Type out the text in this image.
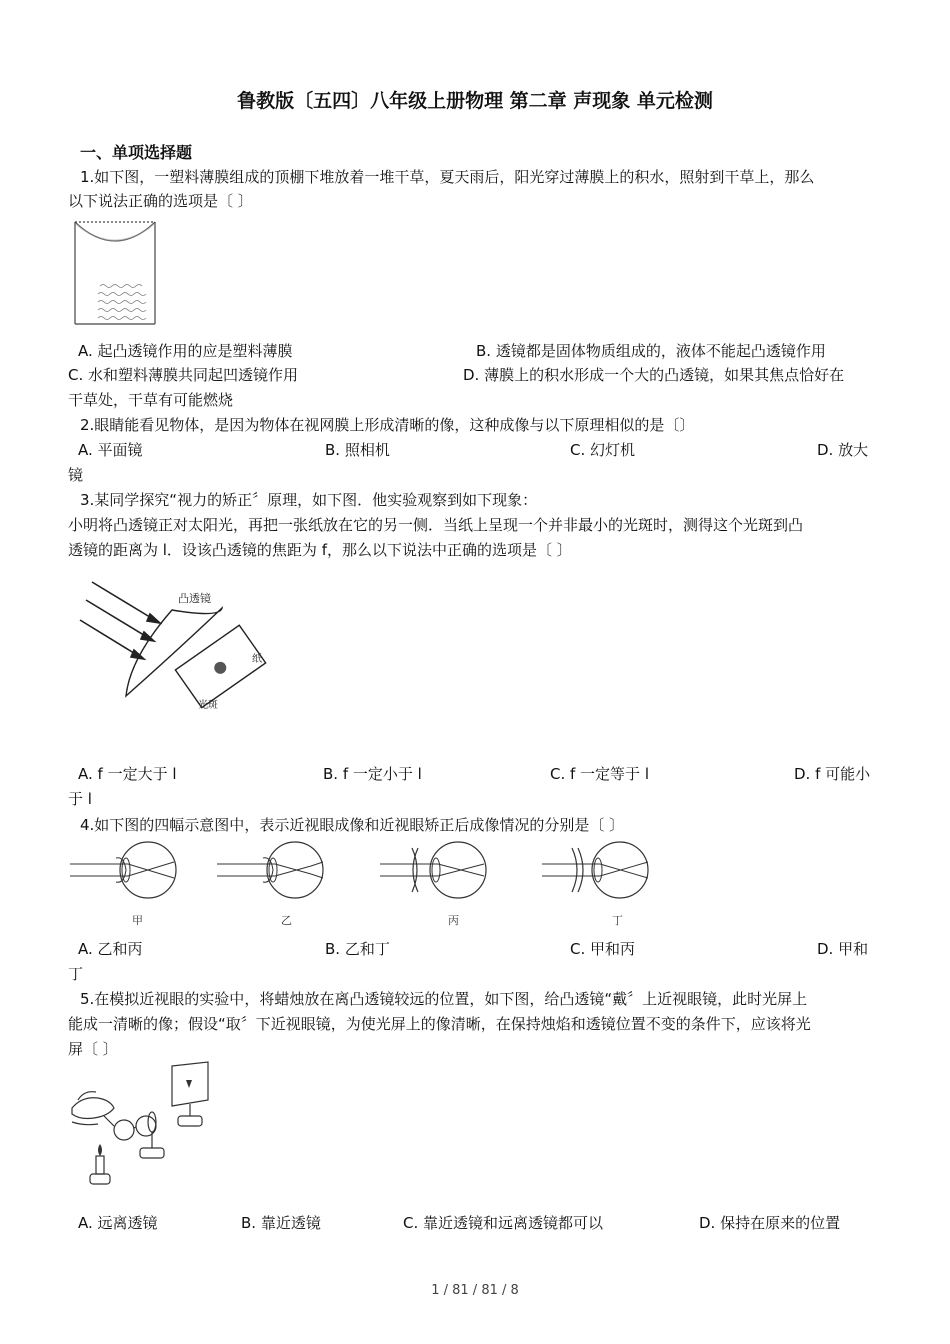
鲁教版〔五四〕八年级上册物理 第二章 声现象 单元检测
一、单项选择题
1.如下图，一塑料薄膜组成的顶棚下堆放着一堆干草，夏天雨后，阳光穿过薄膜上的积水，照射到干草上，那么
以下说法正确的选项是〔 〕
A. 起凸透镜作用的应是塑料薄膜	B. 透镜都是固体物质组成的，液体不能起凸透镜作用
C. 水和塑料薄膜共同起凹透镜作用	D. 薄膜上的积水形成一个大的凸透镜，如果其焦点恰好在
干草处，干草有可能燃烧
2.眼睛能看见物体，是因为物体在视网膜上形成清晰的像，这种成像与以下原理相似的是〔〕
A. 平面镜	B. 照相机	C. 幻灯机	D. 放大
镜
3.某同学探究“视力的矫正〞原理，如下图．他实验观察到如下现象：
小明将凸透镜正对太阳光，再把一张纸放在它的另一侧．当纸上呈现一个并非最小的光斑时，测得这个光斑到凸
透镜的距离为 l．设该凸透镜的焦距为 f，那么以下说法中正确的选项是〔 〕
凸透镜
纸
光斑
A. f 一定大于 l	B. f 一定小于 l	C. f 一定等于 l	D. f 可能小
于 l
4.如下图的四幅示意图中，表示近视眼成像和近视眼矫正后成像情况的分别是〔 〕
甲	乙	丙	丁
A. 乙和丙	B. 乙和丁	C. 甲和丙	D. 甲和
丁
5.在模拟近视眼的实验中，将蜡烛放在离凸透镜较远的位置，如下图，给凸透镜“戴〞上近视眼镜，此时光屏上
能成一清晰的像；假设“取〞下近视眼镜，为使光屏上的像清晰，在保持烛焰和透镜位置不变的条件下，应该将光
屏〔 〕
A. 远离透镜	B. 靠近透镜	C. 靠近透镜和远离透镜都可以	D. 保持在原来的位置
1 / 81 / 81 / 8
